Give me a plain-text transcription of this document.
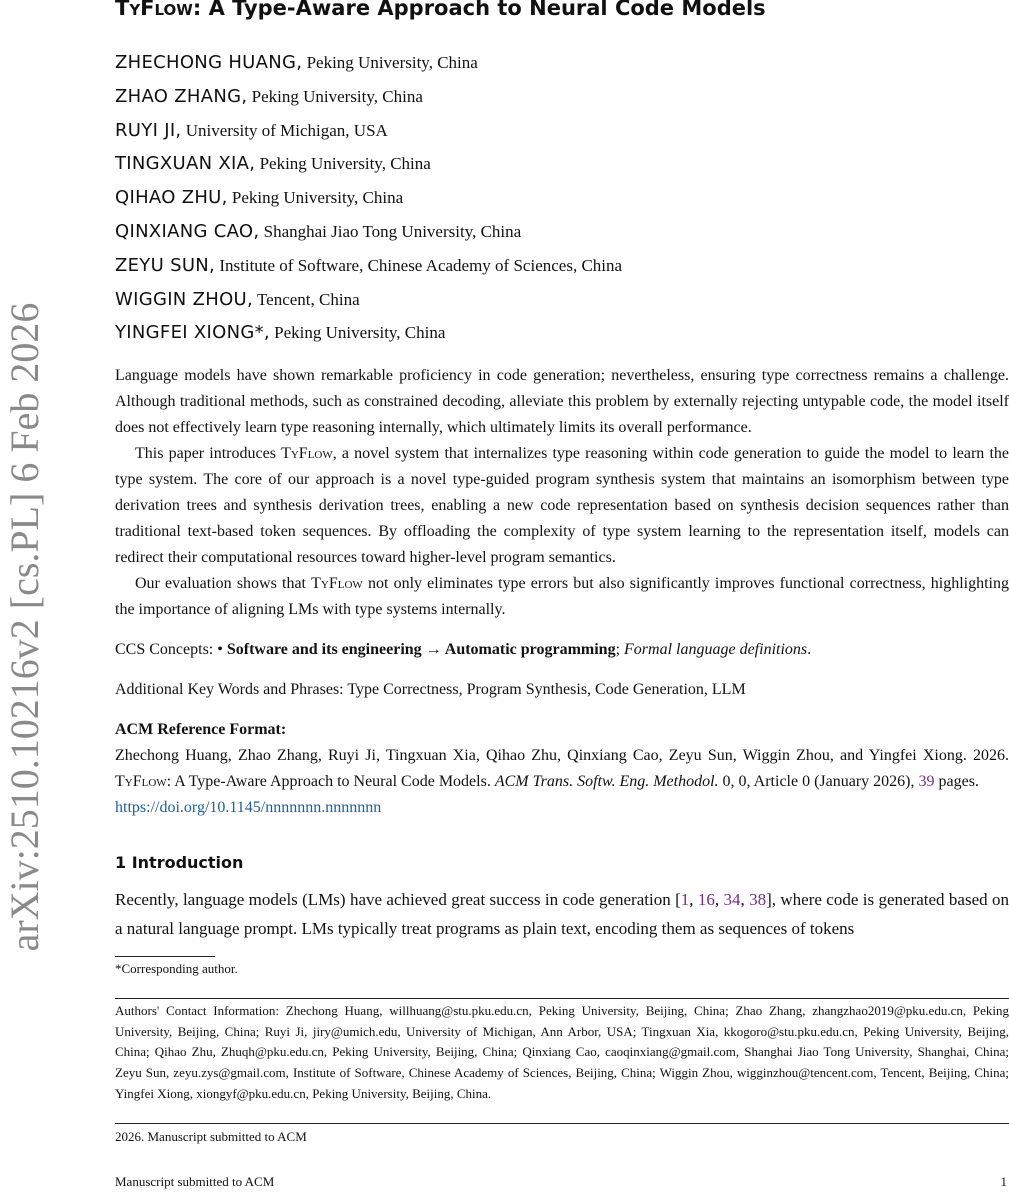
arXiv:2510.10216v2 [cs.PL] 6 Feb 2026
TyFlow: A Type-Aware Approach to Neural Code Models
ZHECHONG HUANG, Peking University, China
ZHAO ZHANG, Peking University, China
RUYI JI, University of Michigan, USA
TINGXUAN XIA, Peking University, China
QIHAO ZHU, Peking University, China
QINXIANG CAO, Shanghai Jiao Tong University, China
ZEYU SUN, Institute of Software, Chinese Academy of Sciences, China
WIGGIN ZHOU, Tencent, China
YINGFEI XIONG*, Peking University, China

Language models have shown remarkable proficiency in code generation; nevertheless, ensuring type correctness remains a challenge. Although traditional methods, such as constrained decoding, alleviate this problem by externally rejecting untypable code, the model itself does not effectively learn type reasoning internally, which ultimately limits its overall performance.

This paper introduces TyFlow, a novel system that internalizes type reasoning within code generation to guide the model to learn the type system. The core of our approach is a novel type-guided program synthesis system that maintains an isomorphism between type derivation trees and synthesis derivation trees, enabling a new code representation based on synthesis decision sequences rather than traditional text-based token sequences. By offloading the complexity of type system learning to the representation itself, models can redirect their computational resources toward higher-level program semantics.

Our evaluation shows that TyFlow not only eliminates type errors but also significantly improves functional correctness, highlighting the importance of aligning LMs with type systems internally.

CCS Concepts: • Software and its engineering → Automatic programming; Formal language definitions.
Additional Key Words and Phrases: Type Correctness, Program Synthesis, Code Generation, LLM

ACM Reference Format:

Zhechong Huang, Zhao Zhang, Ruyi Ji, Tingxuan Xia, Qihao Zhu, Qinxiang Cao, Zeyu Sun, Wiggin Zhou, and Yingfei Xiong. 2026. TyFlow: A Type-Aware Approach to Neural Code Models. ACM Trans. Softw. Eng. Methodol. 0, 0, Article 0 (January 2026), 39 pages.

https://doi.org/10.1145/nnnnnnn.nnnnnnn

1 Introduction
Recently, language models (LMs) have achieved great success in code generation [1, 16, 34, 38], where code is generated based on a natural language prompt. LMs typically treat programs as plain text, encoding them as sequences of tokens
*Corresponding author.
Authors' Contact Information: Zhechong Huang, willhuang@stu.pku.edu.cn, Peking University, Beijing, China; Zhao Zhang, zhangzhao2019@pku.edu.cn, Peking University, Beijing, China; Ruyi Ji, jiry@umich.edu, University of Michigan, Ann Arbor, USA; Tingxuan Xia, kkogoro@stu.pku.edu.cn, Peking University, Beijing, China; Qihao Zhu, Zhuqh@pku.edu.cn, Peking University, Beijing, China; Qinxiang Cao, caoqinxiang@gmail.com, Shanghai Jiao Tong University, Shanghai, China; Zeyu Sun, zeyu.zys@gmail.com, Institute of Software, Chinese Academy of Sciences, Beijing, China; Wiggin Zhou, wigginzhou@tencent.com, Tencent, Beijing, China; Yingfei Xiong, xiongyf@pku.edu.cn, Peking University, Beijing, China.
2026. Manuscript submitted to ACM
Manuscript submitted to ACM	1
